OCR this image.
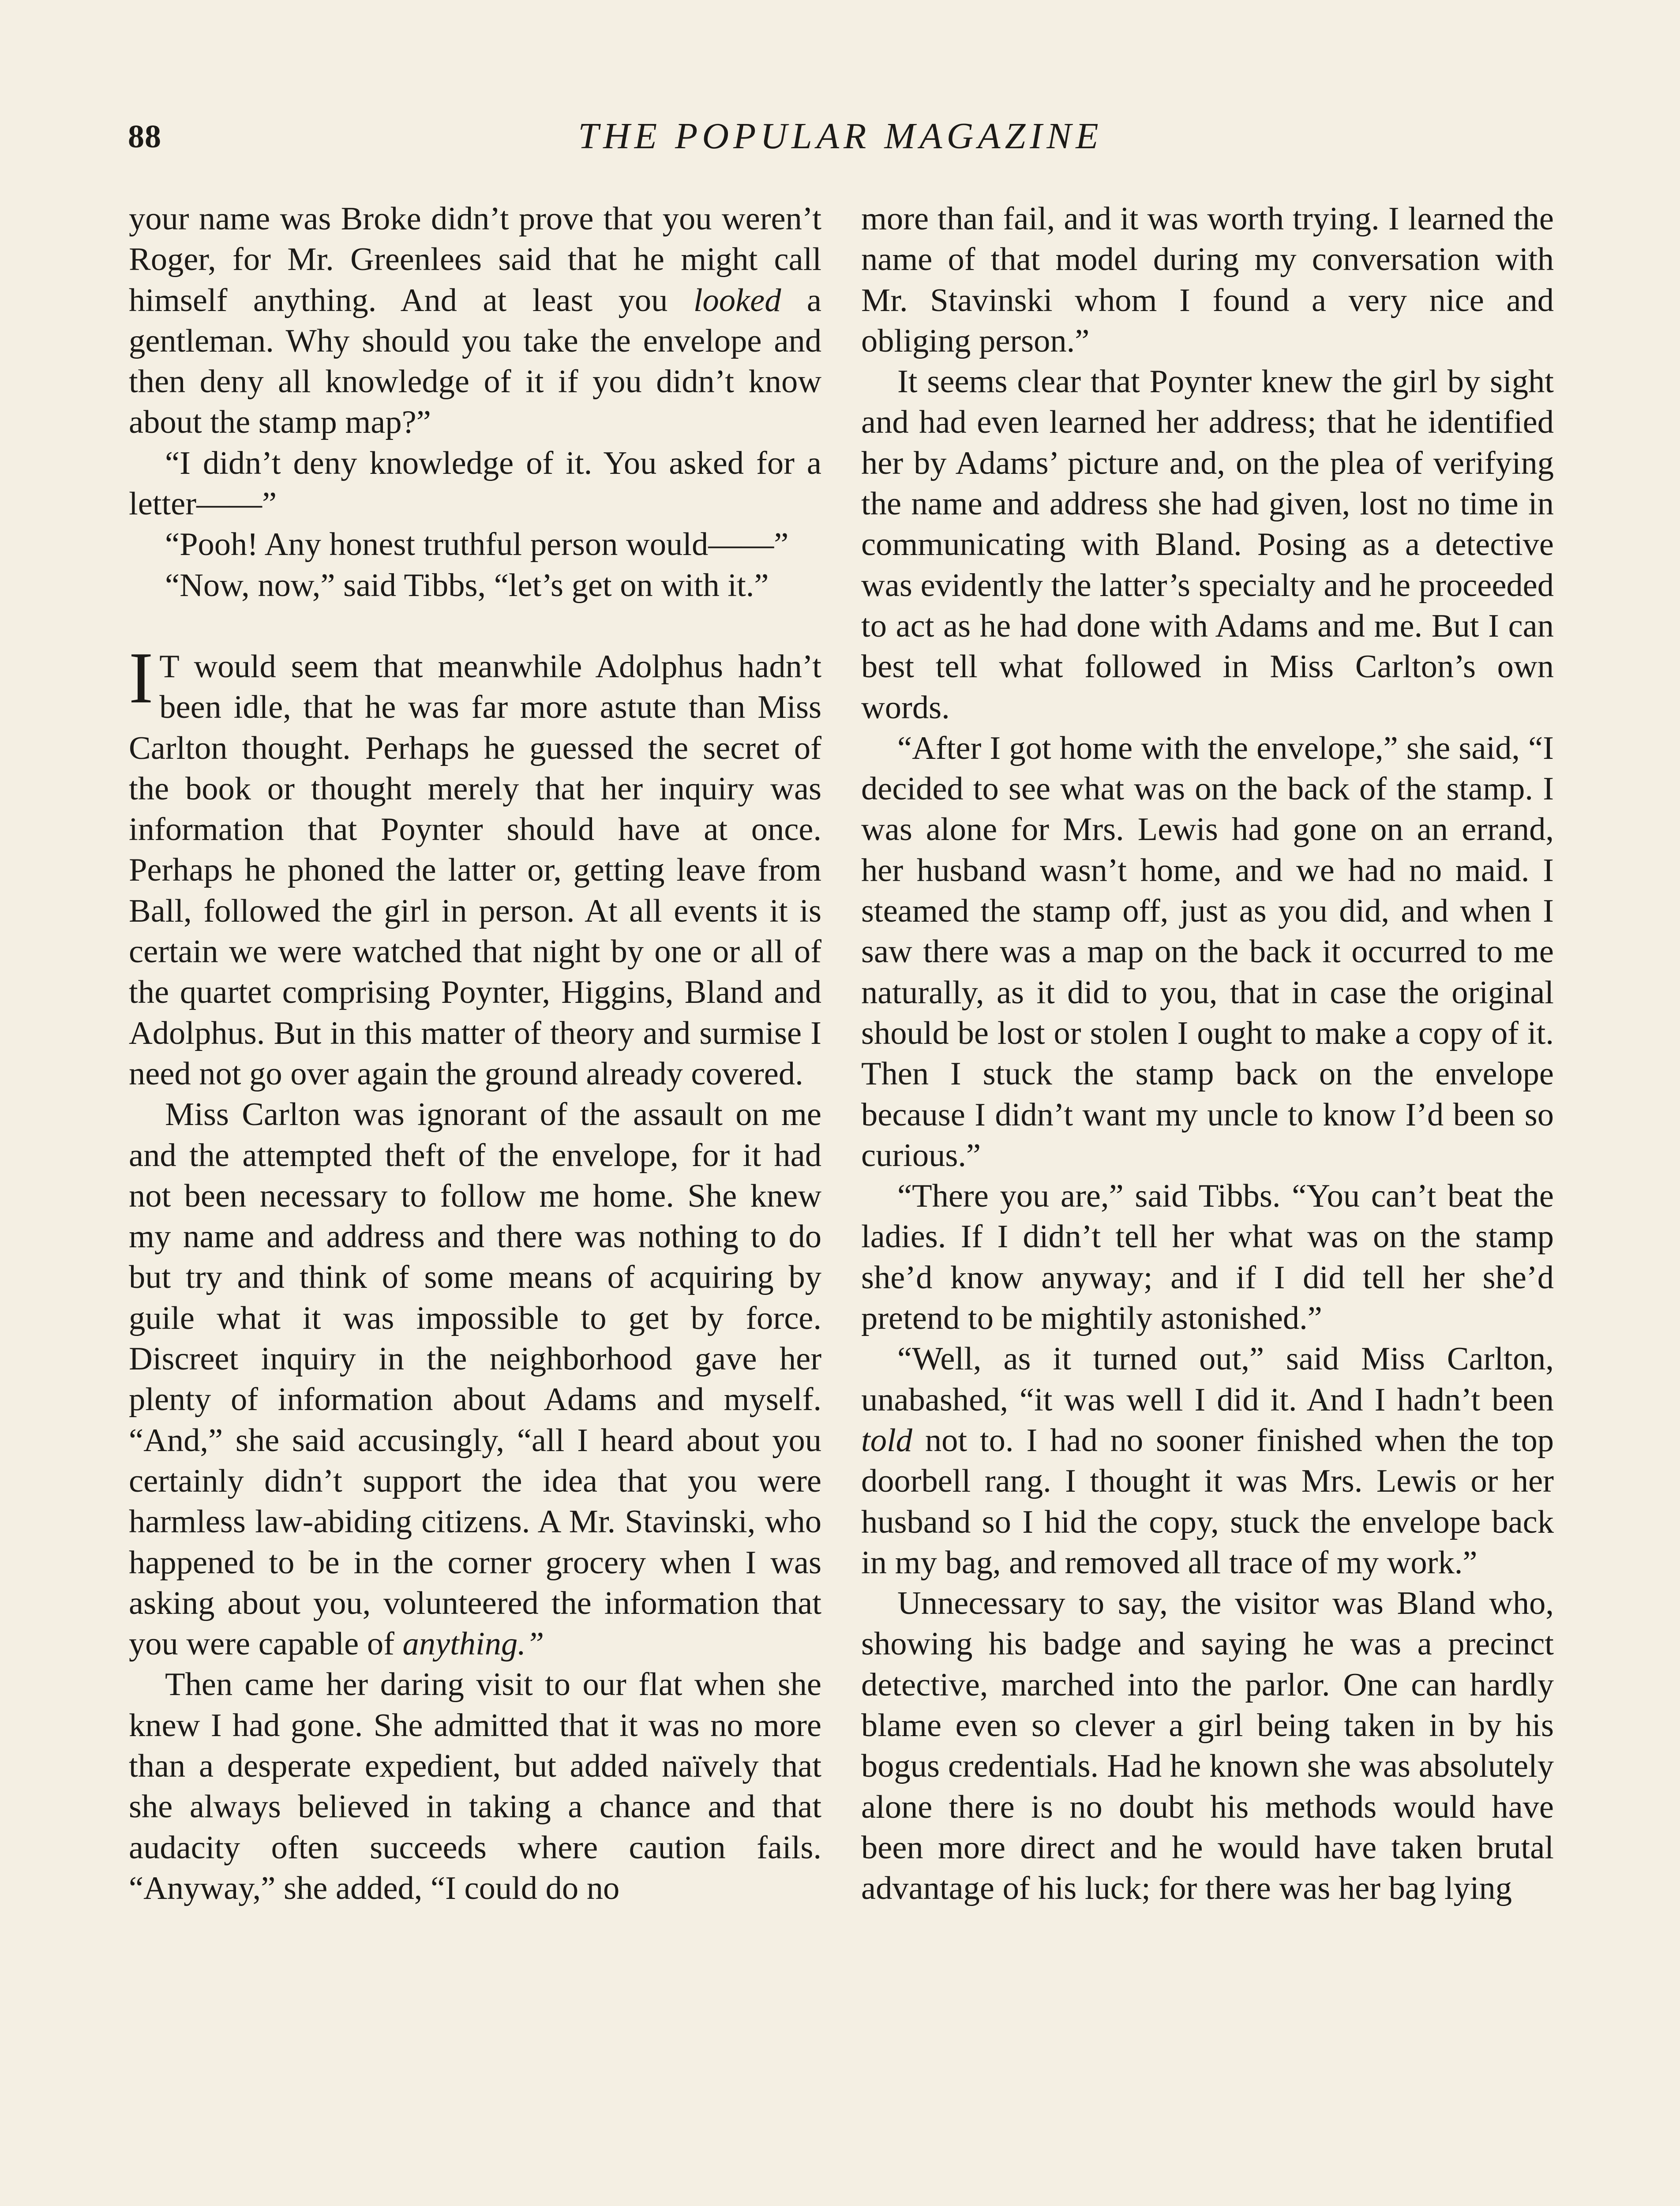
88	THE POPULAR MAGAZINE

your name was Broke didn’t prove that you weren’t Roger, for Mr. Greenlees said that he might call himself anything. And at least you looked a gentleman. Why should you take the envelope and then deny all knowledge of it if you didn’t know about the stamp map?”

“I didn’t deny knowledge of it. You asked for a letter——”

“Pooh! Any honest truthful person would——”

“Now, now,” said Tibbs, “let’s get on with it.”

I T would seem that meanwhile Adolphus hadn’t been idle, that he was far more astute than Miss Carlton thought. Perhaps he guessed the secret of the book or thought merely that her inquiry was information that Poynter should have at once. Perhaps he phoned the latter or, getting leave from Ball, followed the girl in person. At all events it is certain we were watched that night by one or all of the quartet comprising Poynter, Higgins, Bland and Adolphus. But in this matter of theory and surmise I need not go over again the ground already covered.

Miss Carlton was ignorant of the assault on me and the attempted theft of the envelope, for it had not been necessary to follow me home. She knew my name and address and there was nothing to do but try and think of some means of acquiring by guile what it was impossible to get by force. Discreet inquiry in the neighborhood gave her plenty of information about Adams and myself. “And,” she said accusingly, “all I heard about you certainly didn’t support the idea that you were harmless law-abiding citizens. A Mr. Stavinski, who happened to be in the corner grocery when I was asking about you, volunteered the information that you were capable of anything.”

Then came her daring visit to our flat when she knew I had gone. She admitted that it was no more than a desperate expedient, but added naïvely that she always believed in taking a chance and that audacity often succeeds where caution fails. “Anyway,” she added, “I could do no

more than fail, and it was worth trying. I learned the name of that model during my conversation with Mr. Stavinski whom I found a very nice and obliging person.”

It seems clear that Poynter knew the girl by sight and had even learned her address; that he identified her by Adams’ picture and, on the plea of verifying the name and address she had given, lost no time in communicating with Bland. Posing as a detective was evidently the latter’s specialty and he proceeded to act as he had done with Adams and me. But I can best tell what followed in Miss Carlton’s own words.

“After I got home with the envelope,” she said, “I decided to see what was on the back of the stamp. I was alone for Mrs. Lewis had gone on an errand, her husband wasn’t home, and we had no maid. I steamed the stamp off, just as you did, and when I saw there was a map on the back it occurred to me naturally, as it did to you, that in case the original should be lost or stolen I ought to make a copy of it. Then I stuck the stamp back on the envelope because I didn’t want my uncle to know I’d been so curious.”

“There you are,” said Tibbs. “You can’t beat the ladies. If I didn’t tell her what was on the stamp she’d know anyway; and if I did tell her she’d pretend to be mightily astonished.”

“Well, as it turned out,” said Miss Carlton, unabashed, “it was well I did it. And I hadn’t been told not to. I had no sooner finished when the top doorbell rang. I thought it was Mrs. Lewis or her husband so I hid the copy, stuck the envelope back in my bag, and removed all trace of my work.”

Unnecessary to say, the visitor was Bland who, showing his badge and saying he was a precinct detective, marched into the parlor. One can hardly blame even so clever a girl being taken in by his bogus credentials. Had he known she was absolutely alone there is no doubt his methods would have been more direct and he would have taken brutal advantage of his luck; for there was her bag lying
